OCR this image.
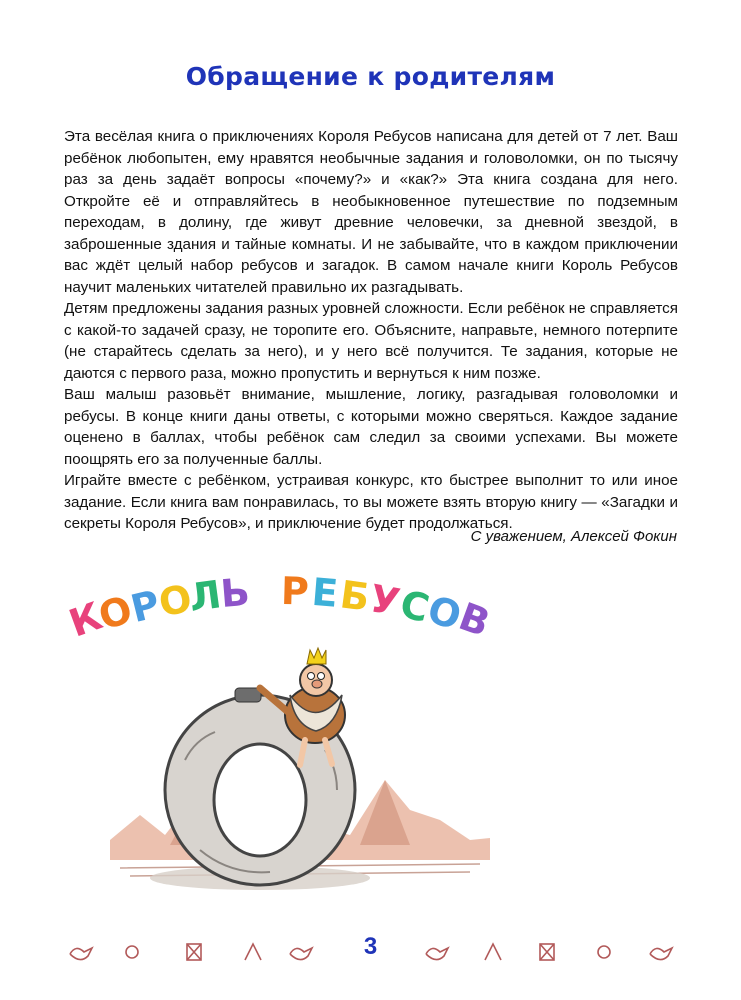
Обращение к родителям

Эта весёлая книга о приключениях Короля Ребусов написана для детей от 7 лет. Ваш ребёнок любопытен, ему нравятся необычные задания и головоломки, он по тысячу раз за день задаёт вопросы «почему?» и «как?» Эта книга создана для него. Откройте её и отправляйтесь в необыкновенное путешествие по подземным переходам, в долину, где живут древние человечки, за дневной звездой, в заброшенные здания и тайные комнаты. И не забывайте, что в каждом приключении вас ждёт целый набор ребусов и загадок. В самом начале книги Король Ребусов научит маленьких читателей правильно их разгадывать.

Детям предложены задания разных уровней сложности. Если ребёнок не справляется с какой-то задачей сразу, не торопите его. Объясните, направьте, немного потерпите (не старайтесь сделать за него), и у него всё получится. Те задания, которые не даются с первого раза, можно пропустить и вернуться к ним позже.

Ваш малыш разовьёт внимание, мышление, логику, разгадывая головоломки и ребусы. В конце книги даны ответы, с которыми можно сверяться. Каждое задание оценено в баллах, чтобы ребёнок сам следил за своими успехами. Вы можете поощрять его за полученные баллы.

Играйте вместе с ребёнком, устраивая конкурс, кто быстрее выполнит то или иное задание. Если книга вам понравилась, то вы можете взять вторую книгу — «Загадки и секреты Короля Ребусов», и приключение будет продолжаться.

С уважением, Алексей Фокин
К
О
Р
О
Л
Ь Р Е
Б
У
С
О
В
3
